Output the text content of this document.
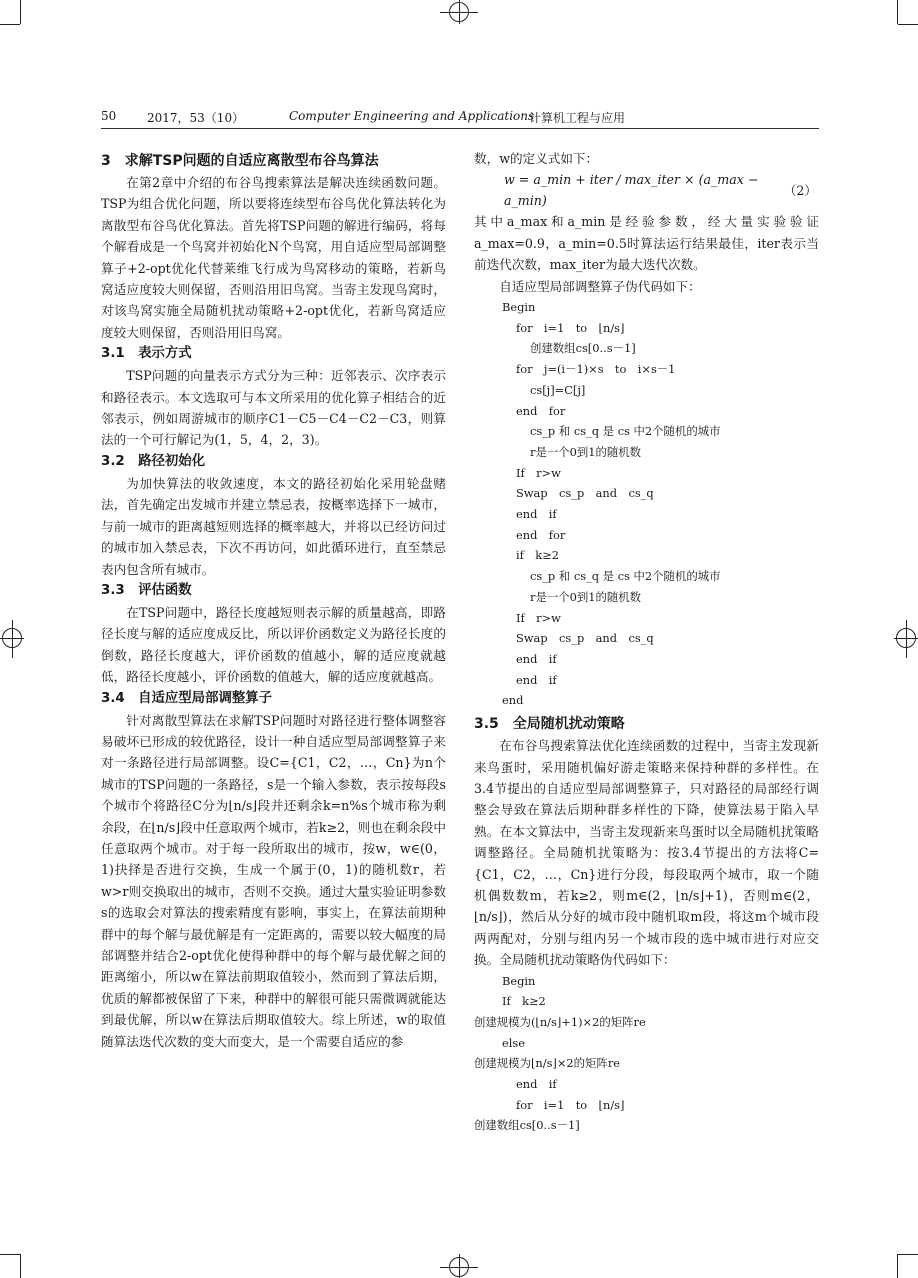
50	2017，53（10）	Computer Engineering and Applications
计算机工程与应用
3　求解TSP问题的自适应离散型布谷鸟算法

在第2章中介绍的布谷鸟搜索算法是解决连续函数问题。TSP为组合优化问题，所以要将连续型布谷鸟优化算法转化为离散型布谷鸟优化算法。首先将TSP问题的解进行编码，将每个解看成是一个鸟窝并初始化N个鸟窝，用自适应型局部调整算子+2-opt优化代替莱维飞行成为鸟窝移动的策略，若新鸟窝适应度较大则保留，否则沿用旧鸟窝。当寄主发现鸟窝时，对该鸟窝实施全局随机扰动策略+2-opt优化，若新鸟窝适应度较大则保留，否则沿用旧鸟窝。

3.1　表示方式

TSP问题的向量表示方式分为三种：近邻表示、次序表示和路径表示。本文选取可与本文所采用的优化算子相结合的近邻表示，例如周游城市的顺序C1－C5－C4－C2－C3，则算法的一个可行解记为(1，5，4，2，3)。

3.2　路径初始化

为加快算法的收敛速度，本文的路径初始化采用轮盘赌法，首先确定出发城市并建立禁忌表，按概率选择下一城市，与前一城市的距离越短则选择的概率越大，并将以已经访问过的城市加入禁忌表，下次不再访问，如此循环进行，直至禁忌表内包含所有城市。

3.3　评估函数

在TSP问题中，路径长度越短则表示解的质量越高，即路径长度与解的适应度成反比，所以评价函数定义为路径长度的倒数，路径长度越大，评价函数的值越小，解的适应度就越低，路径长度越小，评价函数的值越大，解的适应度就越高。

3.4　自适应型局部调整算子

针对离散型算法在求解TSP问题时对路径进行整体调整容易破坏已形成的较优路径，设计一种自适应型局部调整算子来对一条路径进行局部调整。设C={C1，C2，…，Cn}为n个城市的TSP问题的一条路径，s是一个输入参数，表示按每段s个城市个将路径C分为⌊n/s⌋段并还剩余k=n%s个城市称为剩余段，在⌊n/s⌋段中任意取两个城市，若k≥2，则也在剩余段中任意取两个城市。对于每一段所取出的城市，按w，w∈(0，1)抉择是否进行交换，生成一个属于(0，1)的随机数r，若w>r则交换取出的城市，否则不交换。通过大量实验证明参数s的选取会对算法的搜索精度有影响，事实上，在算法前期种群中的每个解与最优解是有一定距离的，需要以较大幅度的局部调整并结合2-opt优化使得种群中的每个解与最优解之间的距离缩小，所以w在算法前期取值较小，然而到了算法后期，优质的解都被保留了下来，种群中的解很可能只需微调就能达到最优解，所以w在算法后期取值较大。综上所述，w的取值随算法迭代次数的变大而变大，是一个需要自适应的参

数，w的定义式如下：

w = a_min + iter / max_iter × (a_max − a_min)
（2）

其中a_max和a_min是经验参数，经大量实验验证a_max=0.9，a_min=0.5时算法运行结果最佳，iter表示当前迭代次数，max_iter为最大迭代次数。

自适应型局部调整算子伪代码如下：

Begin
for　i=1　to　⌊n/s⌋
创建数组cs[0..s－1]
for　j=(i－1)×s　to　i×s－1
cs[j]=C[j]
end　for
cs_p 和 cs_q 是 cs 中2个随机的城市
r是一个0到1的随机数
If　r>w
Swap　cs_p　and　cs_q
end　if
end　for
if　k≥2
cs_p 和 cs_q 是 cs 中2个随机的城市
r是一个0到1的随机数
If　r>w
Swap　cs_p　and　cs_q
end　if
end　if
end
3.5　全局随机扰动策略

在布谷鸟搜索算法优化连续函数的过程中，当寄主发现新来鸟蛋时，采用随机偏好游走策略来保持种群的多样性。在3.4节提出的自适应型局部调整算子，只对路径的局部经行调整会导致在算法后期种群多样性的下降，使算法易于陷入早熟。在本文算法中，当寄主发现新来鸟蛋时以全局随机扰策略调整路径。全局随机扰策略为：按3.4节提出的方法将C={C1，C2，…，Cn}进行分段，每段取两个城市，取一个随机偶数数m，若k≥2，则m∈(2，⌊n/s⌋+1)，否则m∈(2，⌊n/s⌋)，然后从分好的城市段中随机取m段，将这m个城市段两两配对，分别与组内另一个城市段的选中城市进行对应交换。全局随机扰动策略伪代码如下：

Begin
If　k≥2
创建规模为(⌊n/s⌋+1)×2的矩阵re
else
创建规模为⌊n/s⌋×2的矩阵re
end　if
for　i=1　to　⌊n/s⌋
创建数组cs[0..s－1]
